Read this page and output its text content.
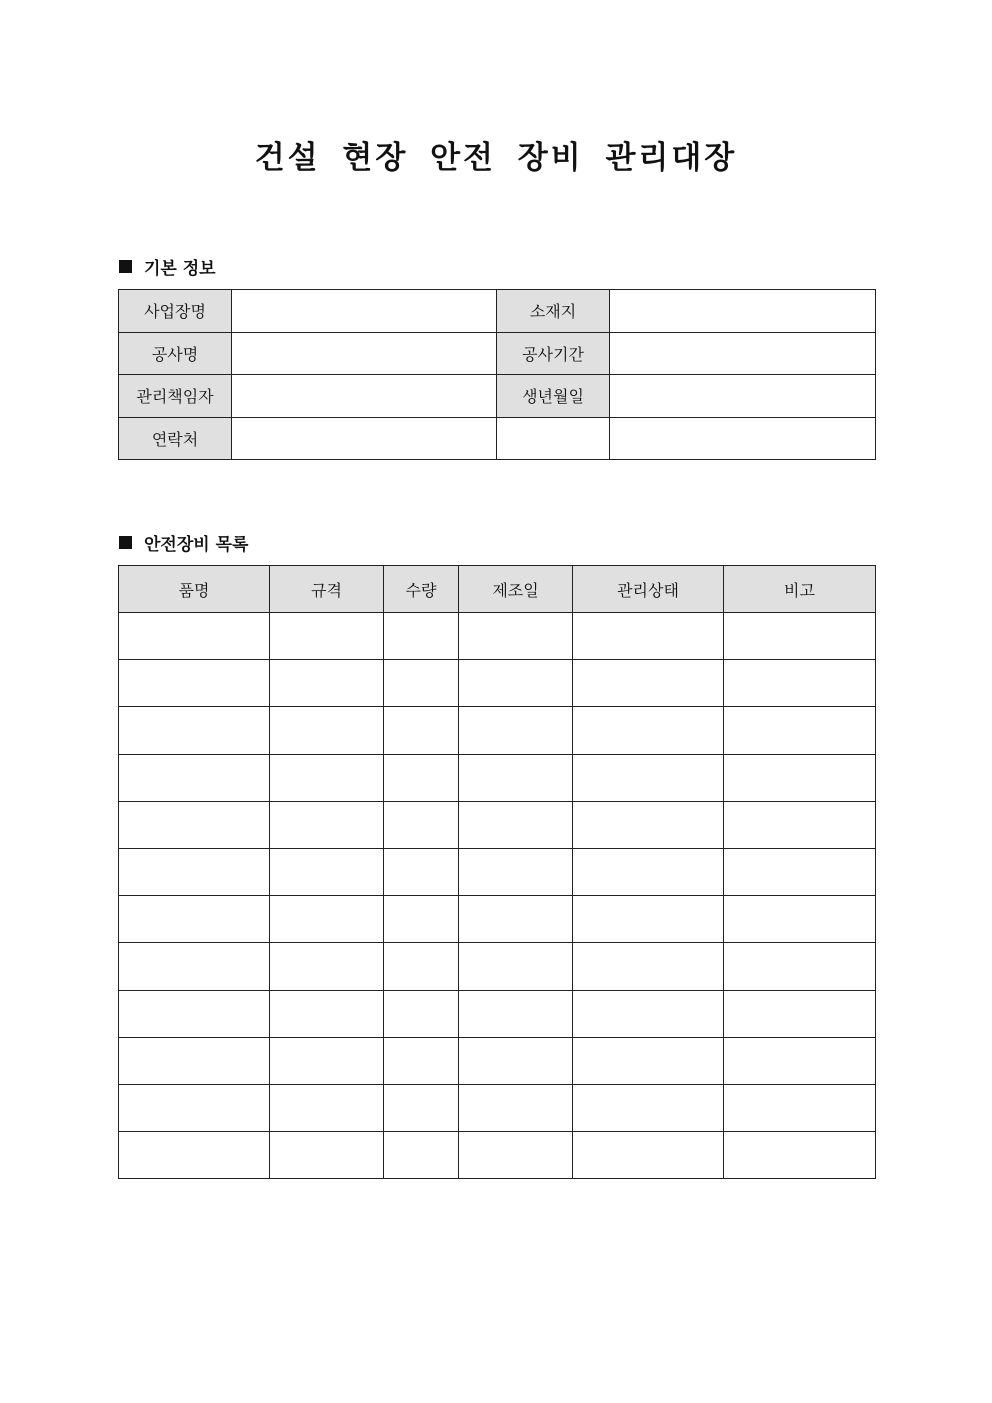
건설 현장 안전 장비 관리대장
기본 정보
사업장명		소재지	
공사명		공사기간	
관리책임자		생년월일	
연락처			
안전장비 목록
품명	규격	수량	제조일	관리상태	비고
